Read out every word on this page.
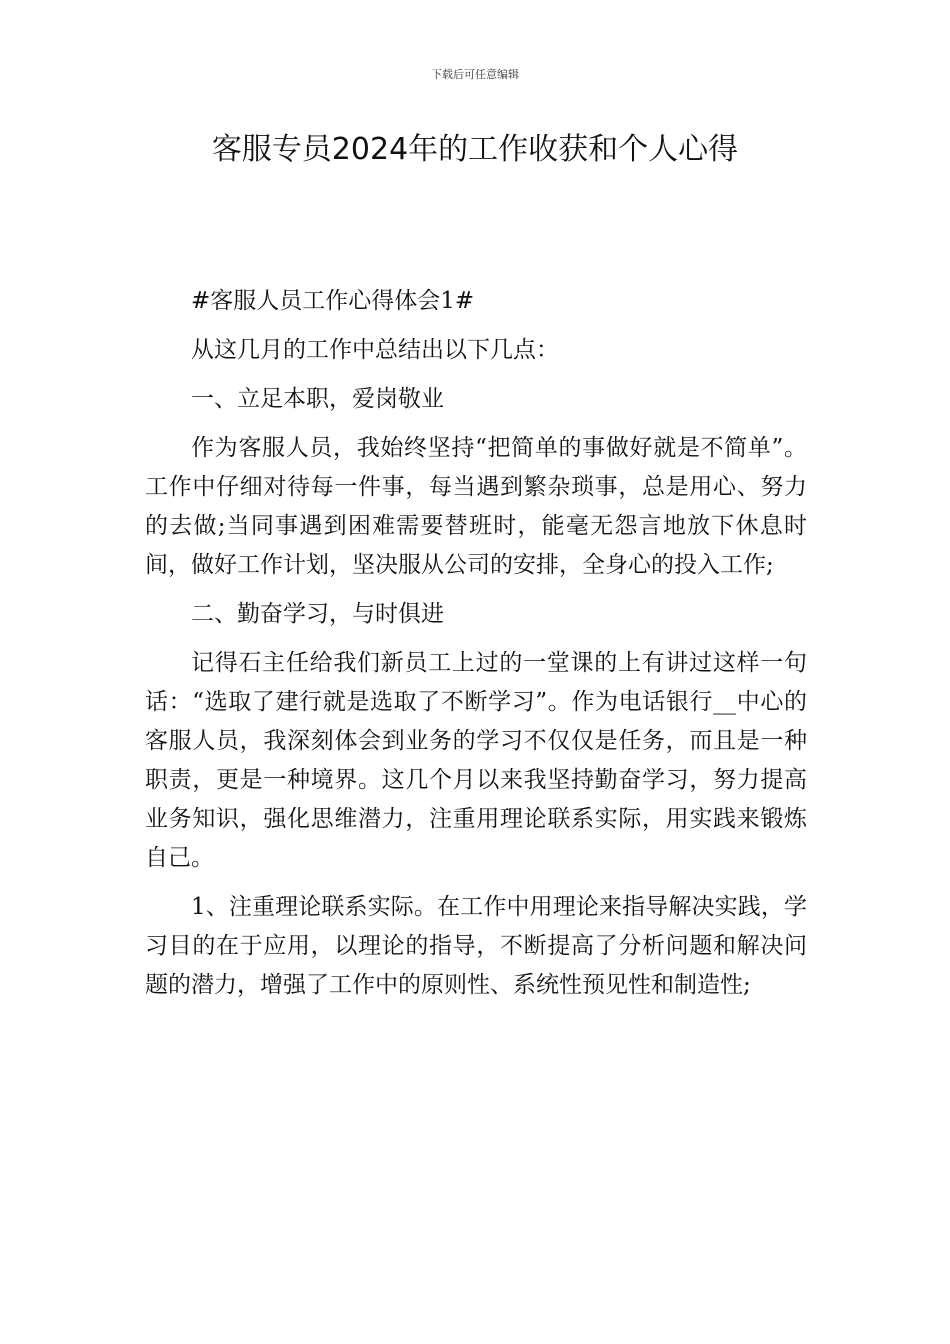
下载后可任意编辑
客服专员2024年的工作收获和个人心得

#客服人员工作心得体会1#

从这几月的工作中总结出以下几点：

一、立足本职，爱岗敬业

作为客服人员，我始终坚持“把简单的事做好就是不简单”。工作中仔细对待每一件事，每当遇到繁杂琐事，总是用心、努力的去做;当同事遇到困难需要替班时，能毫无怨言地放下休息时间，做好工作计划，坚决服从公司的安排，全身心的投入工作;

二、勤奋学习，与时俱进

记得石主任给我们新员工上过的一堂课的上有讲过这样一句话：“选取了建行就是选取了不断学习”。作为电话银行__中心的客服人员，我深刻体会到业务的学习不仅仅是任务，而且是一种职责，更是一种境界。这几个月以来我坚持勤奋学习，努力提高业务知识，强化思维潜力，注重用理论联系实际，用实践来锻炼自己。

1、注重理论联系实际。在工作中用理论来指导解决实践，学习目的在于应用，以理论的指导，不断提高了分析问题和解决问题的潜力，增强了工作中的原则性、系统性预见性和制造性;
